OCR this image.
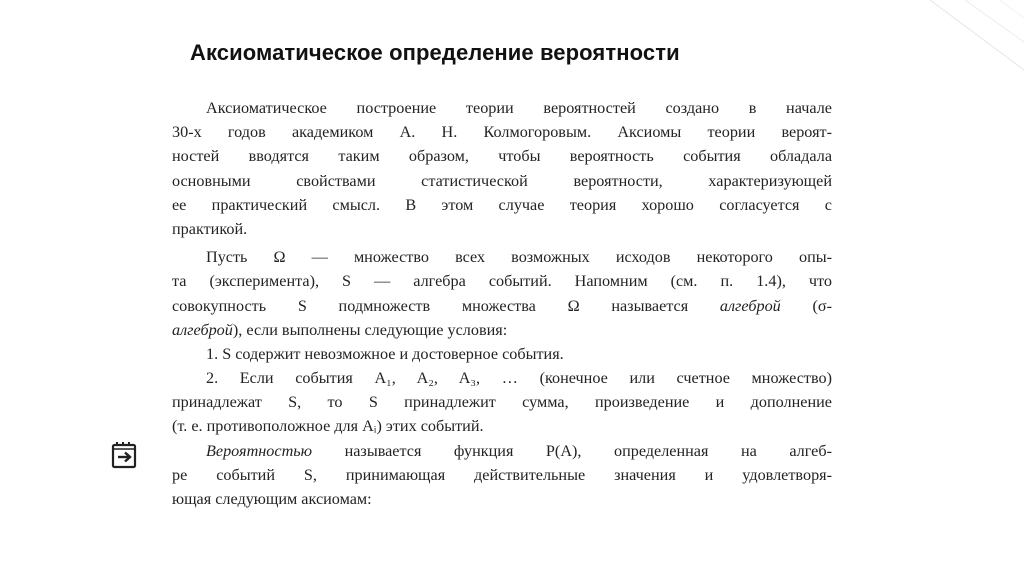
Аксиоматическое определение вероятности
Аксиоматическое построение теории вероятностей создано в начале
30-х годов академиком А. Н. Колмогоровым. Аксиомы теории вероят-
ностей вводятся таким образом, чтобы вероятность события обладала
основными свойствами статистической вероятности, характеризующей
ее практический смысл. В этом случае теория хорошо согласуется с
практикой.
Пусть Ω — множество всех возможных исходов некоторого опы-
та (эксперимента), S — алгебра событий. Напомним (см. п. 1.4), что
совокупность S подмножеств множества Ω называется алгеброй (σ-
алгеброй), если выполнены следующие условия:
1. S содержит невозможное и достоверное события.
2. Если события A₁, A₂, A₃, … (конечное или счетное множество)
принадлежат S, то S принадлежит сумма, произведение и дополнение
(т. е. противоположное для Aᵢ) этих событий.
Вероятностью называется функция P(A), определенная на алгеб-
ре событий S, принимающая действительные значения и удовлетворя-
ющая следующим аксиомам:
